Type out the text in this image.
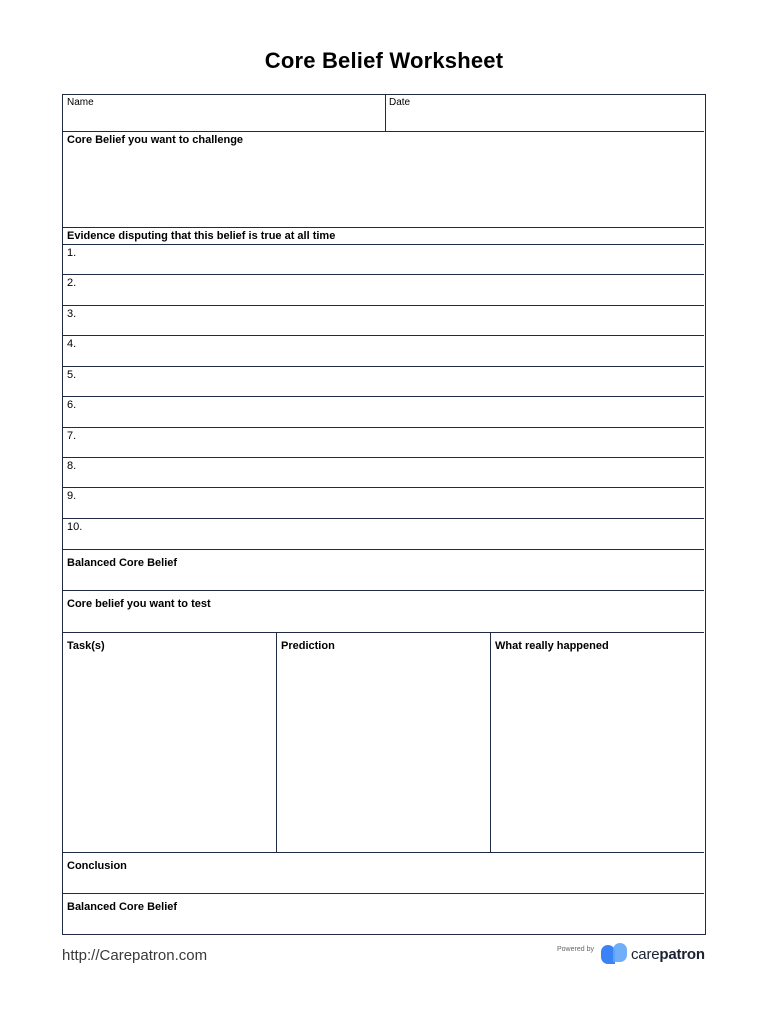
Core Belief Worksheet
Name	Date
Core Belief you want to challenge
Evidence disputing that this belief is true at all time
1.
2.
3.
4.
5.
6.
7.
8.
9.
10.
Balanced Core Belief
Core belief you want to test
Task(s)	Prediction	What really happened
Conclusion
Balanced Core Belief
http://Carepatron.com	Powered by carepatron
